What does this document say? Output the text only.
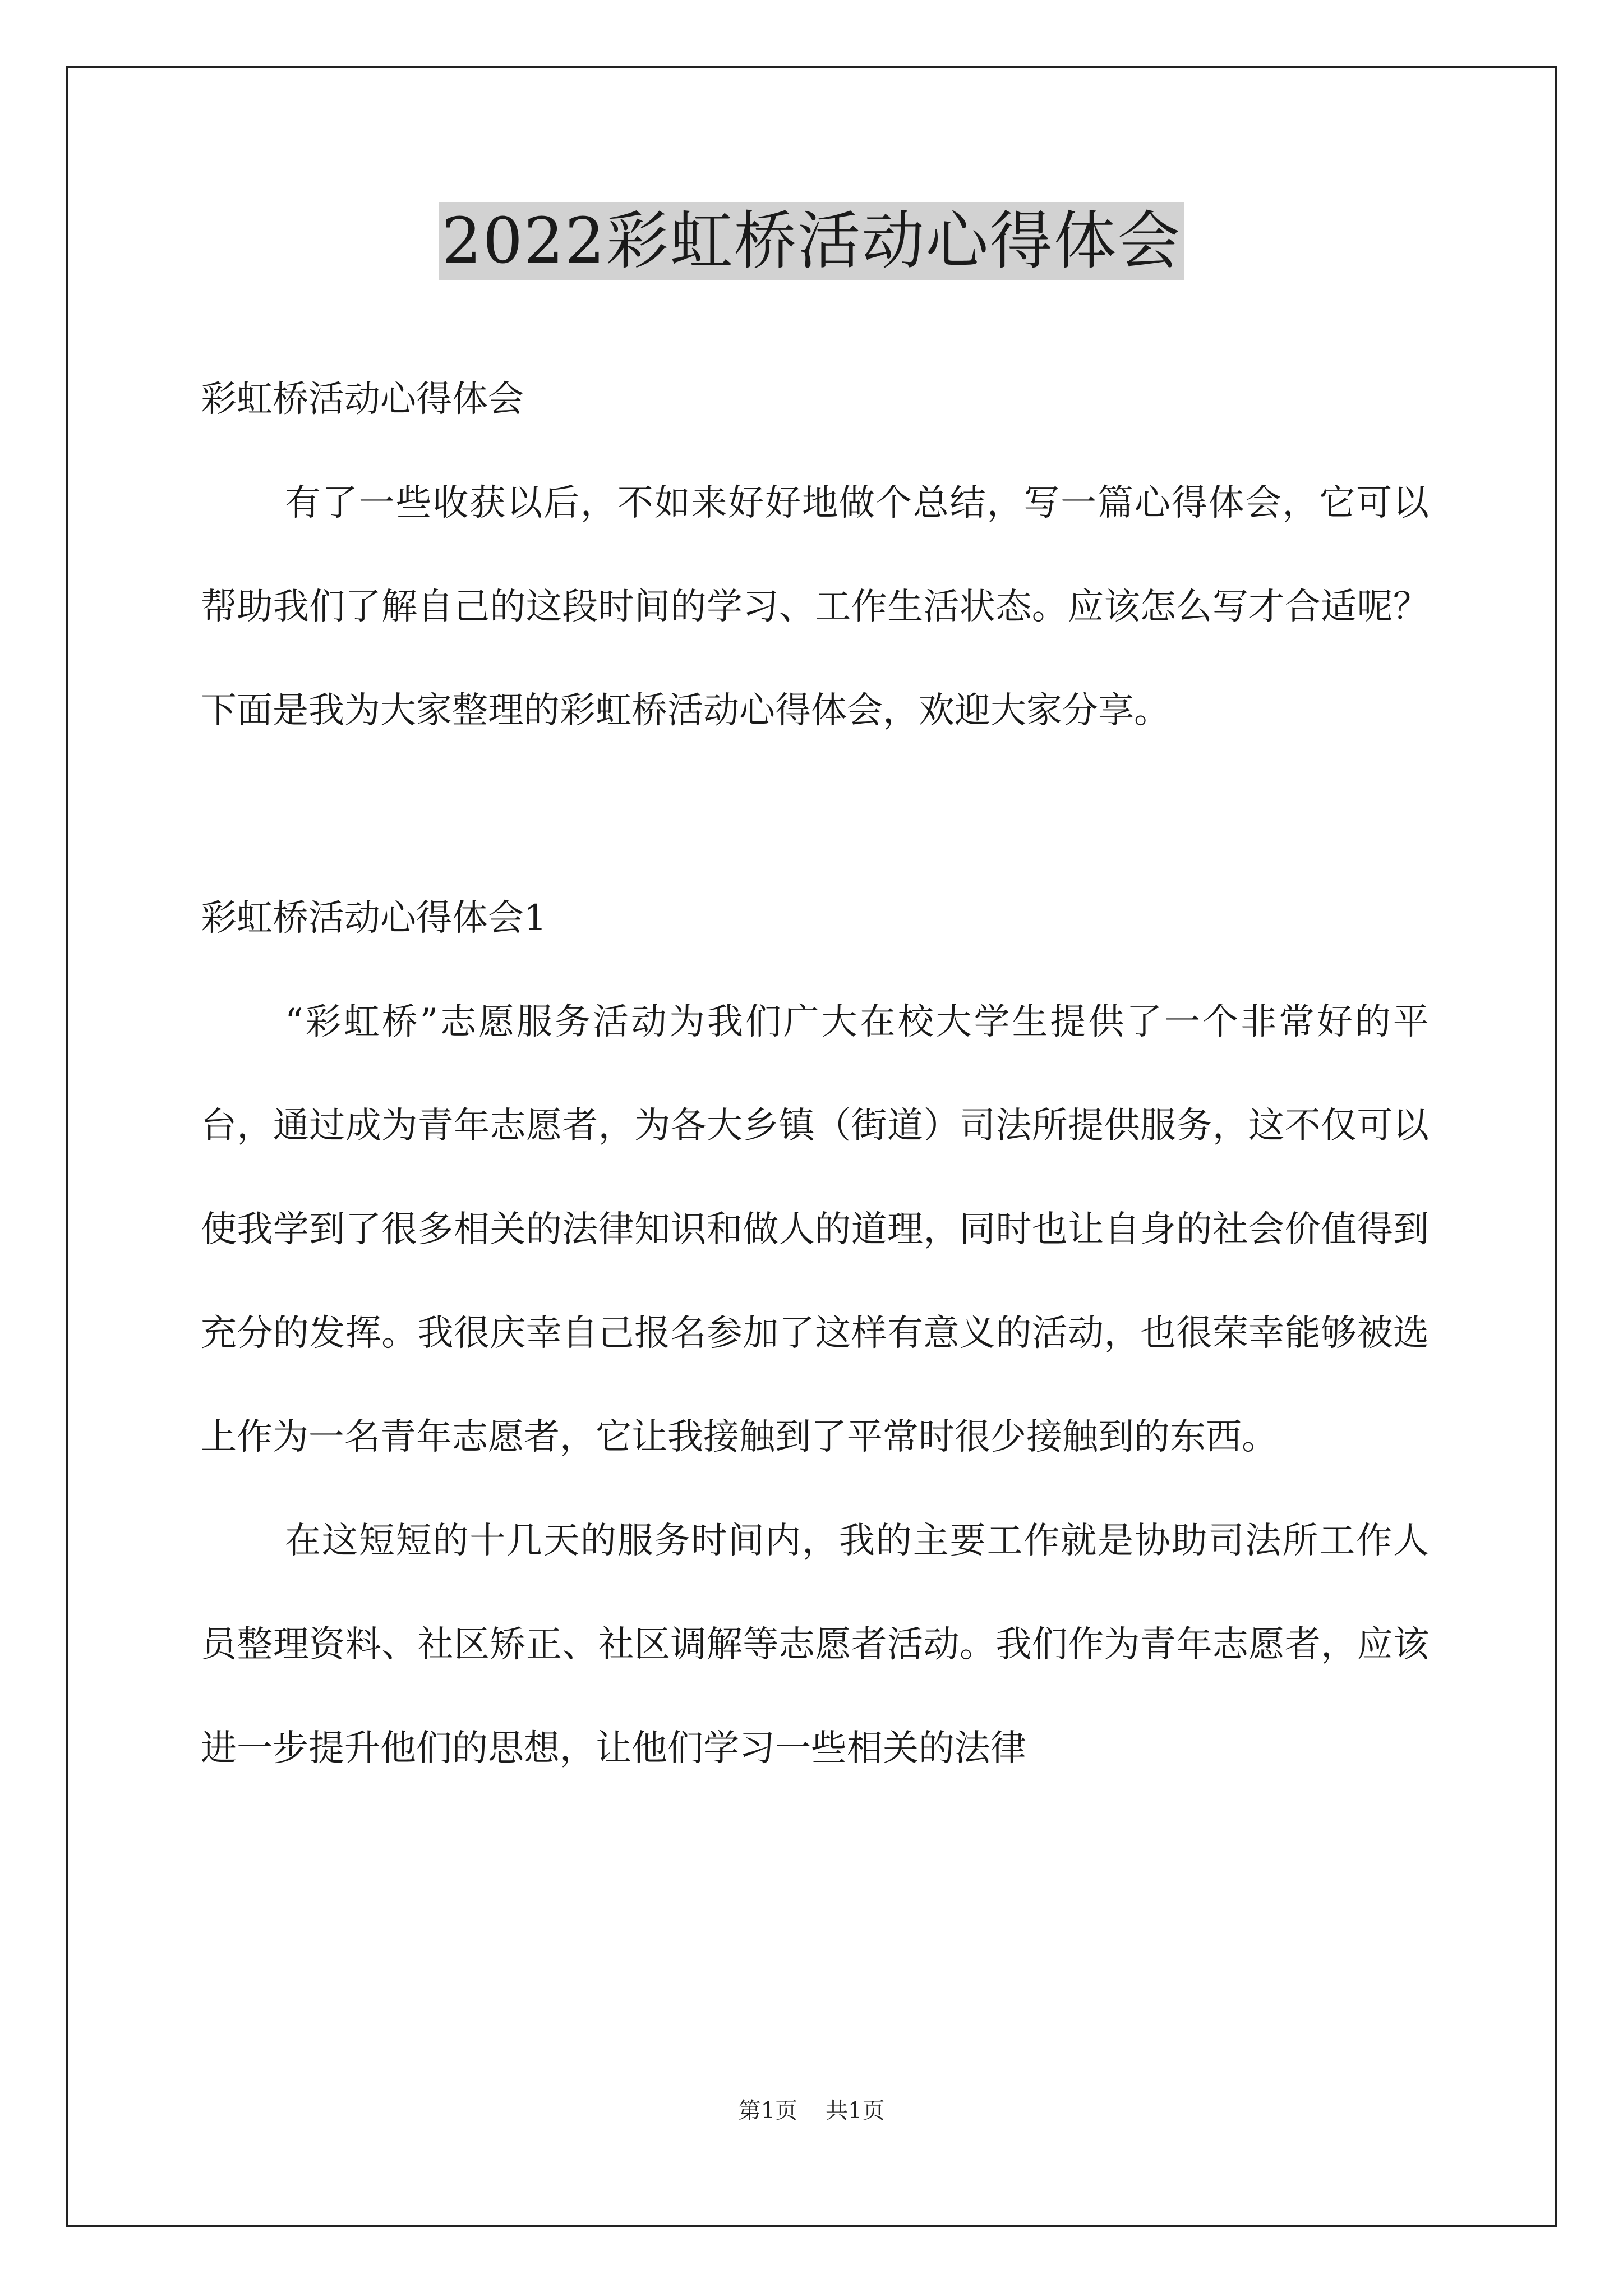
2022彩虹桥活动心得体会

彩虹桥活动心得体会

有了一些收获以后，不如来好好地做个总结，写一篇心得体会，它可以帮助我们了解自己的这段时间的学习、工作生活状态。应该怎么写才合适呢？下面是我为大家整理的彩虹桥活动心得体会，欢迎大家分享。

彩虹桥活动心得体会1

“彩虹桥”志愿服务活动为我们广大在校大学生提供了一个非常好的平台，通过成为青年志愿者，为各大乡镇（街道）司法所提供服务，这不仅可以使我学到了很多相关的法律知识和做人的道理，同时也让自身的社会价值得到充分的发挥。我很庆幸自己报名参加了这样有意义的活动，也很荣幸能够被选上作为一名青年志愿者，它让我接触到了平常时很少接触到的东西。

在这短短的十几天的服务时间内，我的主要工作就是协助司法所工作人员整理资料、社区矫正、社区调解等志愿者活动。我们作为青年志愿者，应该进一步提升他们的思想，让他们学习一些相关的法律

第1页 共1页
